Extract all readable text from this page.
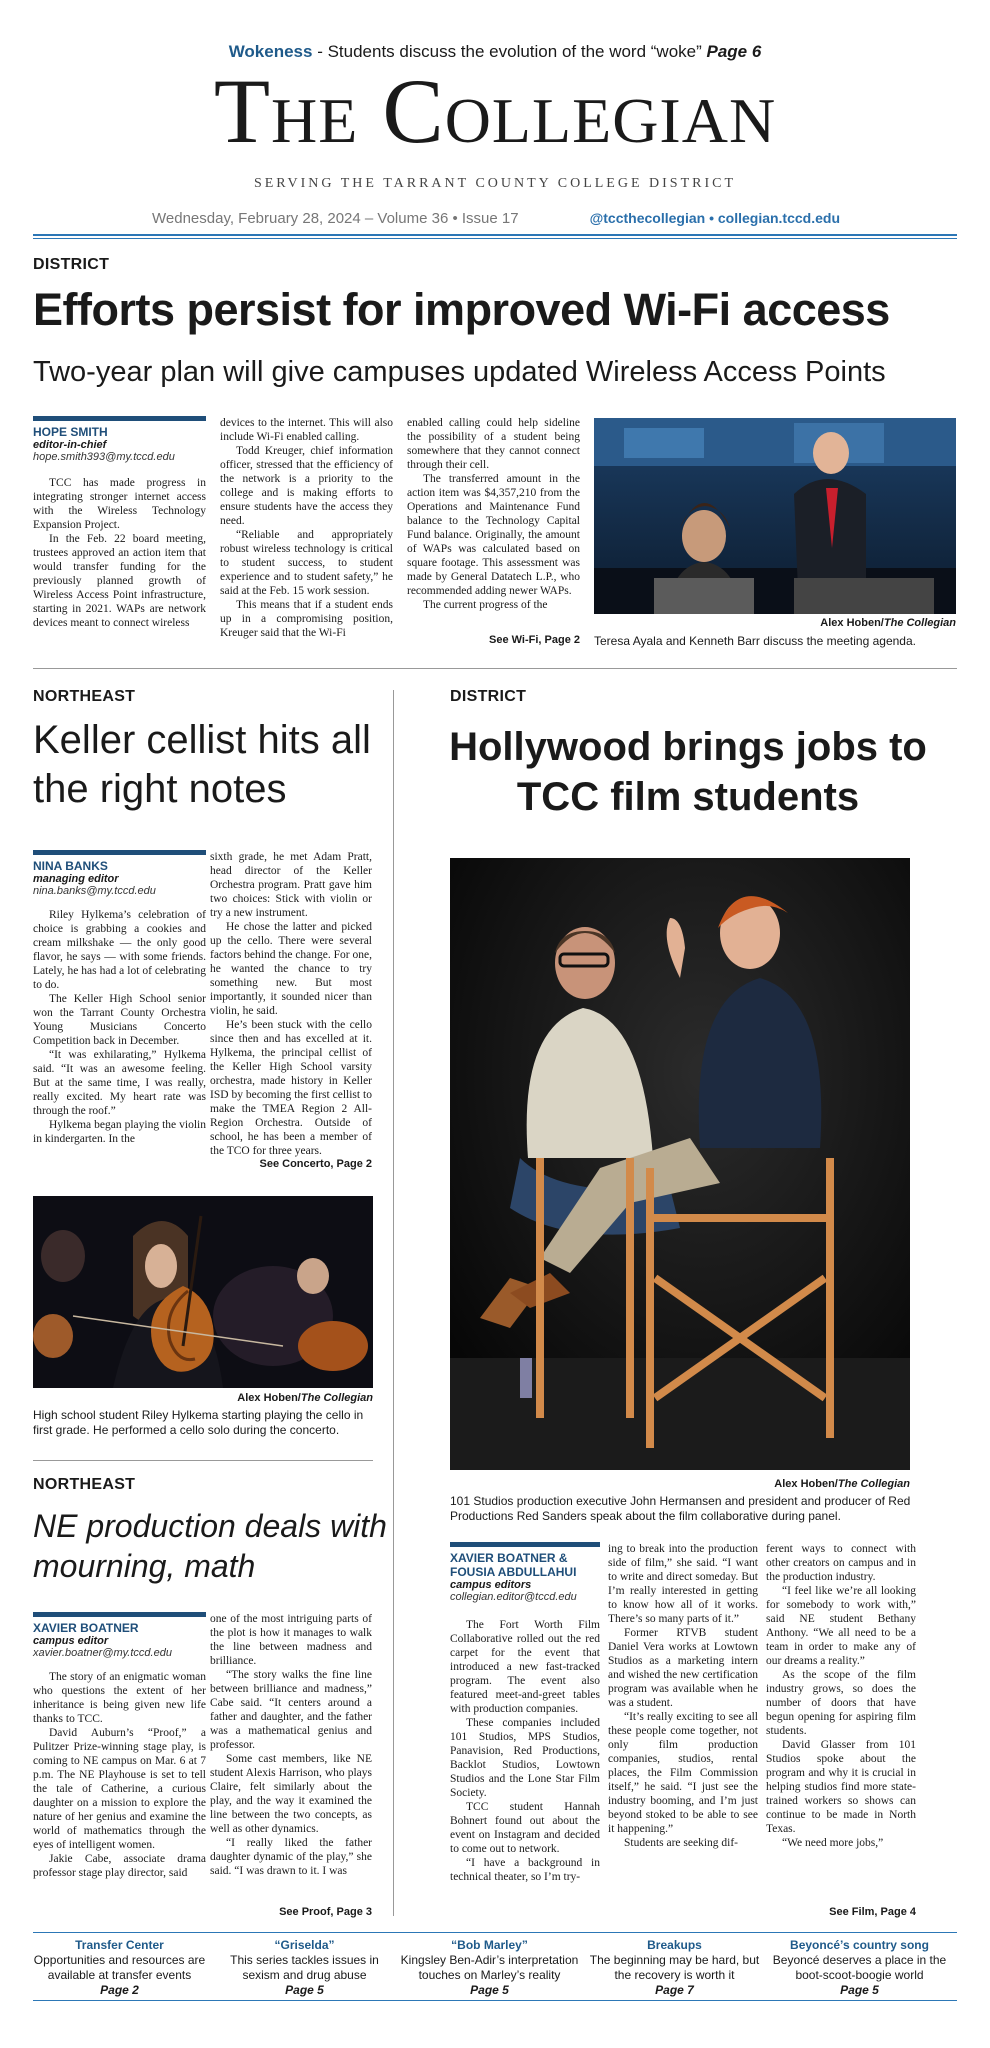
Wokeness - Students discuss the evolution of the word “woke” Page 6
The Collegian
SERVING THE TARRANT COUNTY COLLEGE DISTRICT
Wednesday, February 28, 2024 – Volume 36 • Issue 17	@tccthecollegian • collegian.tccd.edu
DISTRICT
Efforts persist for improved Wi-Fi access
Two-year plan will give campuses updated Wireless Access Points
HOPE SMITH
editor-in-chief
hope.smith393@my.tccd.edu

TCC has made progress in integrating stronger internet access with the Wireless Technology Expansion Project.

In the Feb. 22 board meeting, trustees approved an action item that would transfer funding for the previously planned growth of Wireless Access Point infrastructure, starting in 2021. WAPs are network devices meant to connect wireless

devices to the internet. This will also include Wi-Fi enabled calling.

Todd Kreuger, chief information officer, stressed that the efficiency of the network is a priority to the college and is making efforts to ensure students have the access they need.

“Reliable and appropriately robust wireless technology is critical to student success, to student experience and to student safety,” he said at the Feb. 15 work session.

This means that if a student ends up in a compromising position, Kreuger said that the Wi-Fi

enabled calling could help sideline the possibility of a student being somewhere that they cannot connect through their cell.

The transferred amount in the action item was $4,357,210 from the Operations and Maintenance Fund balance to the Technology Capital Fund balance. Originally, the amount of WAPs was calculated based on square footage. This assessment was made by General Datatech L.P., who recommended adding newer WAPs.

The current progress of the

See Wi-Fi, Page 2
Alex Hoben/The Collegian
Teresa Ayala and Kenneth Barr discuss the meeting agenda.
NORTHEAST
Keller cellist hits all the right notes
NINA BANKS
managing editor
nina.banks@my.tccd.edu

Riley Hylkema’s celebration of choice is grabbing a cookies and cream milkshake — the only good flavor, he says — with some friends. Lately, he has had a lot of celebrating to do.

The Keller High School senior won the Tarrant County Orchestra Young Musicians Concerto Competition back in December.

“It was exhilarating,” Hylkema said. “It was an awesome feeling. But at the same time, I was really, really excited. My heart rate was through the roof.”

Hylkema began playing the violin in kindergarten. In the

sixth grade, he met Adam Pratt, head director of the Keller Orchestra program. Pratt gave him two choices: Stick with violin or try a new instrument.

He chose the latter and picked up the cello. There were several factors behind the change. For one, he wanted the chance to try something new. But most importantly, it sounded nicer than violin, he said.

He’s been stuck with the cello since then and has excelled at it. Hylkema, the principal cellist of the Keller High School varsity orchestra, made history in Keller ISD by becoming the first cellist to make the TMEA Region 2 All-Region Orchestra. Outside of school, he has been a member of the TCO for three years.

See Concerto, Page 2
Alex Hoben/The Collegian
High school student Riley Hylkema starting playing the cello in first grade. He performed a cello solo during the concerto.
NORTHEAST
NE production deals with mourning, math
XAVIER BOATNER
campus editor
xavier.boatner@my.tccd.edu

The story of an enigmatic woman who questions the extent of her inheritance is being given new life thanks to TCC.

David Auburn’s “Proof,” a Pulitzer Prize-winning stage play, is coming to NE campus on Mar. 6 at 7 p.m. The NE Playhouse is set to tell the tale of Catherine, a curious daughter on a mission to explore the nature of her genius and examine the world of mathematics through the eyes of intelligent women.

Jakie Cabe, associate drama professor stage play director, said

one of the most intriguing parts of the plot is how it manages to walk the line between madness and brilliance.

“The story walks the fine line between brilliance and madness,” Cabe said. “It centers around a father and daughter, and the father was a mathematical genius and professor.

Some cast members, like NE student Alexis Harrison, who plays Claire, felt similarly about the play, and the way it examined the line between the two concepts, as well as other dynamics.

“I really liked the father daughter dynamic of the play,” she said. “I was drawn to it. I was

See Proof, Page 3
DISTRICT
Hollywood brings jobs to TCC film students
Alex Hoben/The Collegian
101 Studios production executive John Hermansen and president and producer of Red Productions Red Sanders speak about the film collaborative during panel.
XAVIER BOATNER & FOUSIA ABDULLAHUI
campus editors
collegian.editor@tccd.edu

The Fort Worth Film Collaborative rolled out the red carpet for the event that introduced a new fast-tracked program. The event also featured meet-and-greet tables with production companies.

These companies included 101 Studios, MPS Studios, Panavision, Red Productions, Backlot Studios, Lowtown Studios and the Lone Star Film Society.

TCC student Hannah Bohnert found out about the event on Instagram and decided to come out to network.

“I have a background in technical theater, so I’m try-

ing to break into the production side of film,” she said. “I want to write and direct someday. But I’m really interested in getting to know how all of it works. There’s so many parts of it.”

Former RTVB student Daniel Vera works at Lowtown Studios as a marketing intern and wished the new certification program was available when he was a student.

“It’s really exciting to see all these people come together, not only film production companies, studios, rental places, the Film Commission itself,” he said. “I just see the industry booming, and I’m just beyond stoked to be able to see it happening.”

Students are seeking dif-

ferent ways to connect with other creators on campus and in the production industry.

“I feel like we’re all looking for somebody to work with,” said NE student Bethany Anthony. “We all need to be a team in order to make any of our dreams a reality.”

As the scope of the film industry grows, so does the number of doors that have begun opening for aspiring film students.

David Glasser from 101 Studios spoke about the program and why it is crucial in helping studios find more state-trained workers so shows can continue to be made in North Texas.

“We need more jobs,”

See Film, Page 4
Transfer Center
Opportunities and resources are available at transfer events
Page 2
“Griselda”
This series tackles issues in sexism and drug abuse
Page 5
“Bob Marley”
Kingsley Ben-Adir’s interpretation touches on Marley’s reality
Page 5
Breakups
The beginning may be hard, but the recovery is worth it
Page 7
Beyoncé’s country song
Beyoncé deserves a place in the boot-scoot-boogie world
Page 5
